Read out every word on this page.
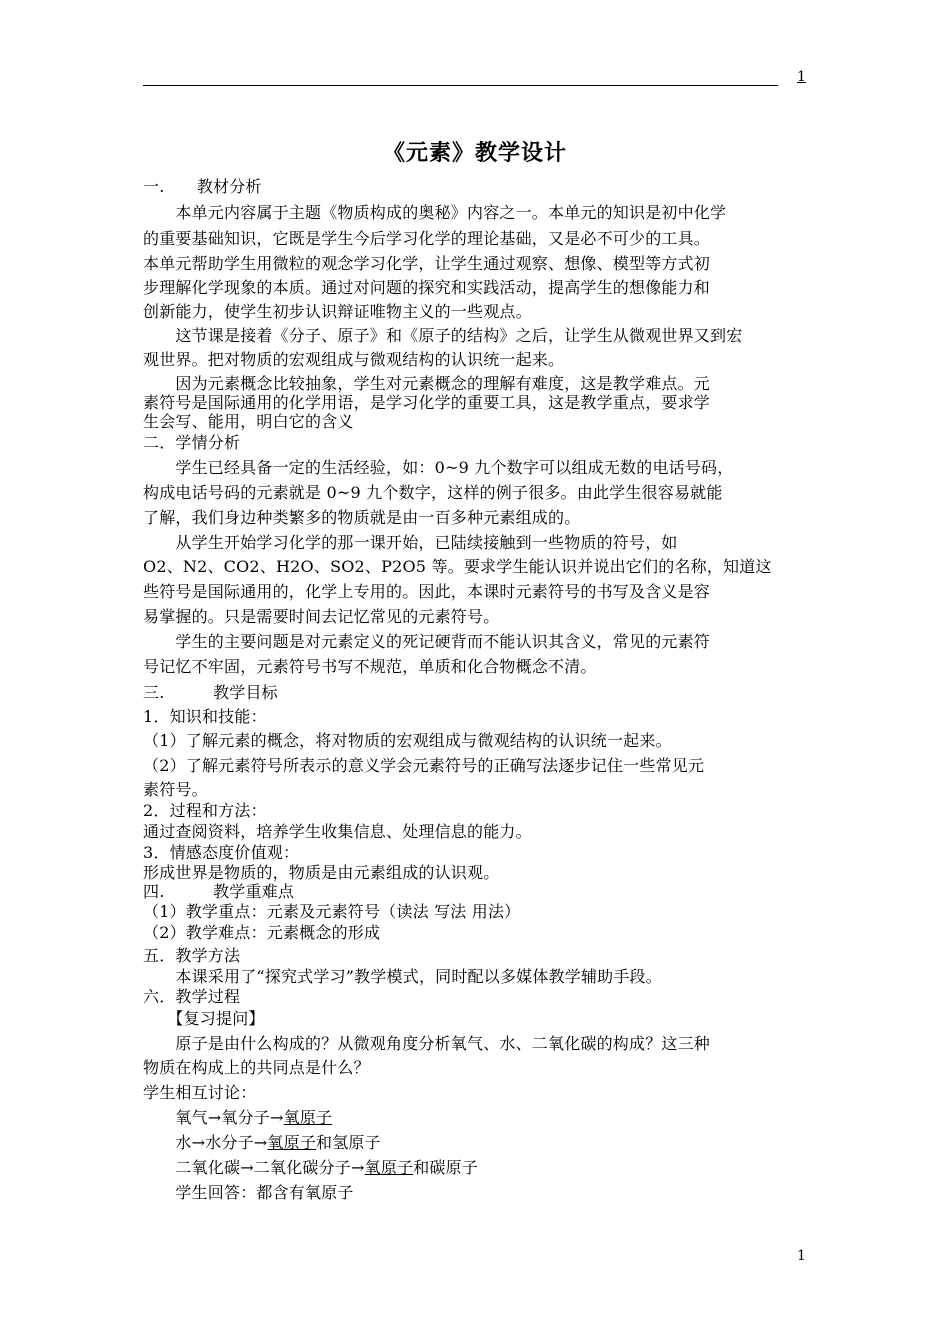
1
《元素》教学设计
一.　　教材分析
　　本单元内容属于主题《物质构成的奥秘》内容之一。本单元的知识是初中化学
的重要基础知识，它既是学生今后学习化学的理论基础，又是必不可少的工具。
本单元帮助学生用微粒的观念学习化学，让学生通过观察、想像、模型等方式初
步理解化学现象的本质。通过对问题的探究和实践活动，提高学生的想像能力和
创新能力，使学生初步认识辩证唯物主义的一些观点。
　　这节课是接着《分子、原子》和《原子的结构》之后，让学生从微观世界又到宏
观世界。把对物质的宏观组成与微观结构的认识统一起来。
　　因为元素概念比较抽象，学生对元素概念的理解有难度，这是教学难点。元
素符号是国际通用的化学用语，是学习化学的重要工具，这是教学重点，要求学
生会写、能用，明白它的含义
二．学情分析
　　学生已经具备一定的生活经验，如：0~9 九个数字可以组成无数的电话号码，
构成电话号码的元素就是 0~9 九个数字，这样的例子很多。由此学生很容易就能
了解，我们身边种类繁多的物质就是由一百多种元素组成的。
　　从学生开始学习化学的那一课开始，已陆续接触到一些物质的符号，如
O2、N2、CO2、H2O、SO2、P2O5 等。要求学生能认识并说出它们的名称，知道这
些符号是国际通用的，化学上专用的。因此，本课时元素符号的书写及含义是容
易掌握的。只是需要时间去记忆常见的元素符号。
　　学生的主要问题是对元素定义的死记硬背而不能认识其含义，常见的元素符
号记忆不牢固，元素符号书写不规范，单质和化合物概念不清。
三.　　　教学目标
1．知识和技能：
（1）了解元素的概念，将对物质的宏观组成与微观结构的认识统一起来。
（2）了解元素符号所表示的意义学会元素符号的正确写法逐步记住一些常见元
素符号。
2．过程和方法：
通过查阅资料，培养学生收集信息、处理信息的能力。
3．情感态度价值观：
形成世界是物质的，物质是由元素组成的认识观。
四.　　　教学重难点
（1）教学重点：元素及元素符号（读法 写法 用法）
（2）教学难点：元素概念的形成
五．教学方法
　　本课采用了“探究式学习”教学模式，同时配以多媒体教学辅助手段。
六．教学过程
　　【复习提问】
　　原子是由什么构成的？从微观角度分析氧气、水、二氧化碳的构成？这三种
物质在构成上的共同点是什么？
学生相互讨论：
　　氧气→氧分子→氧原子
　　水→水分子→氧原子和氢原子
　　二氧化碳→二氧化碳分子→氧原子和碳原子
　　学生回答：都含有氧原子
1
